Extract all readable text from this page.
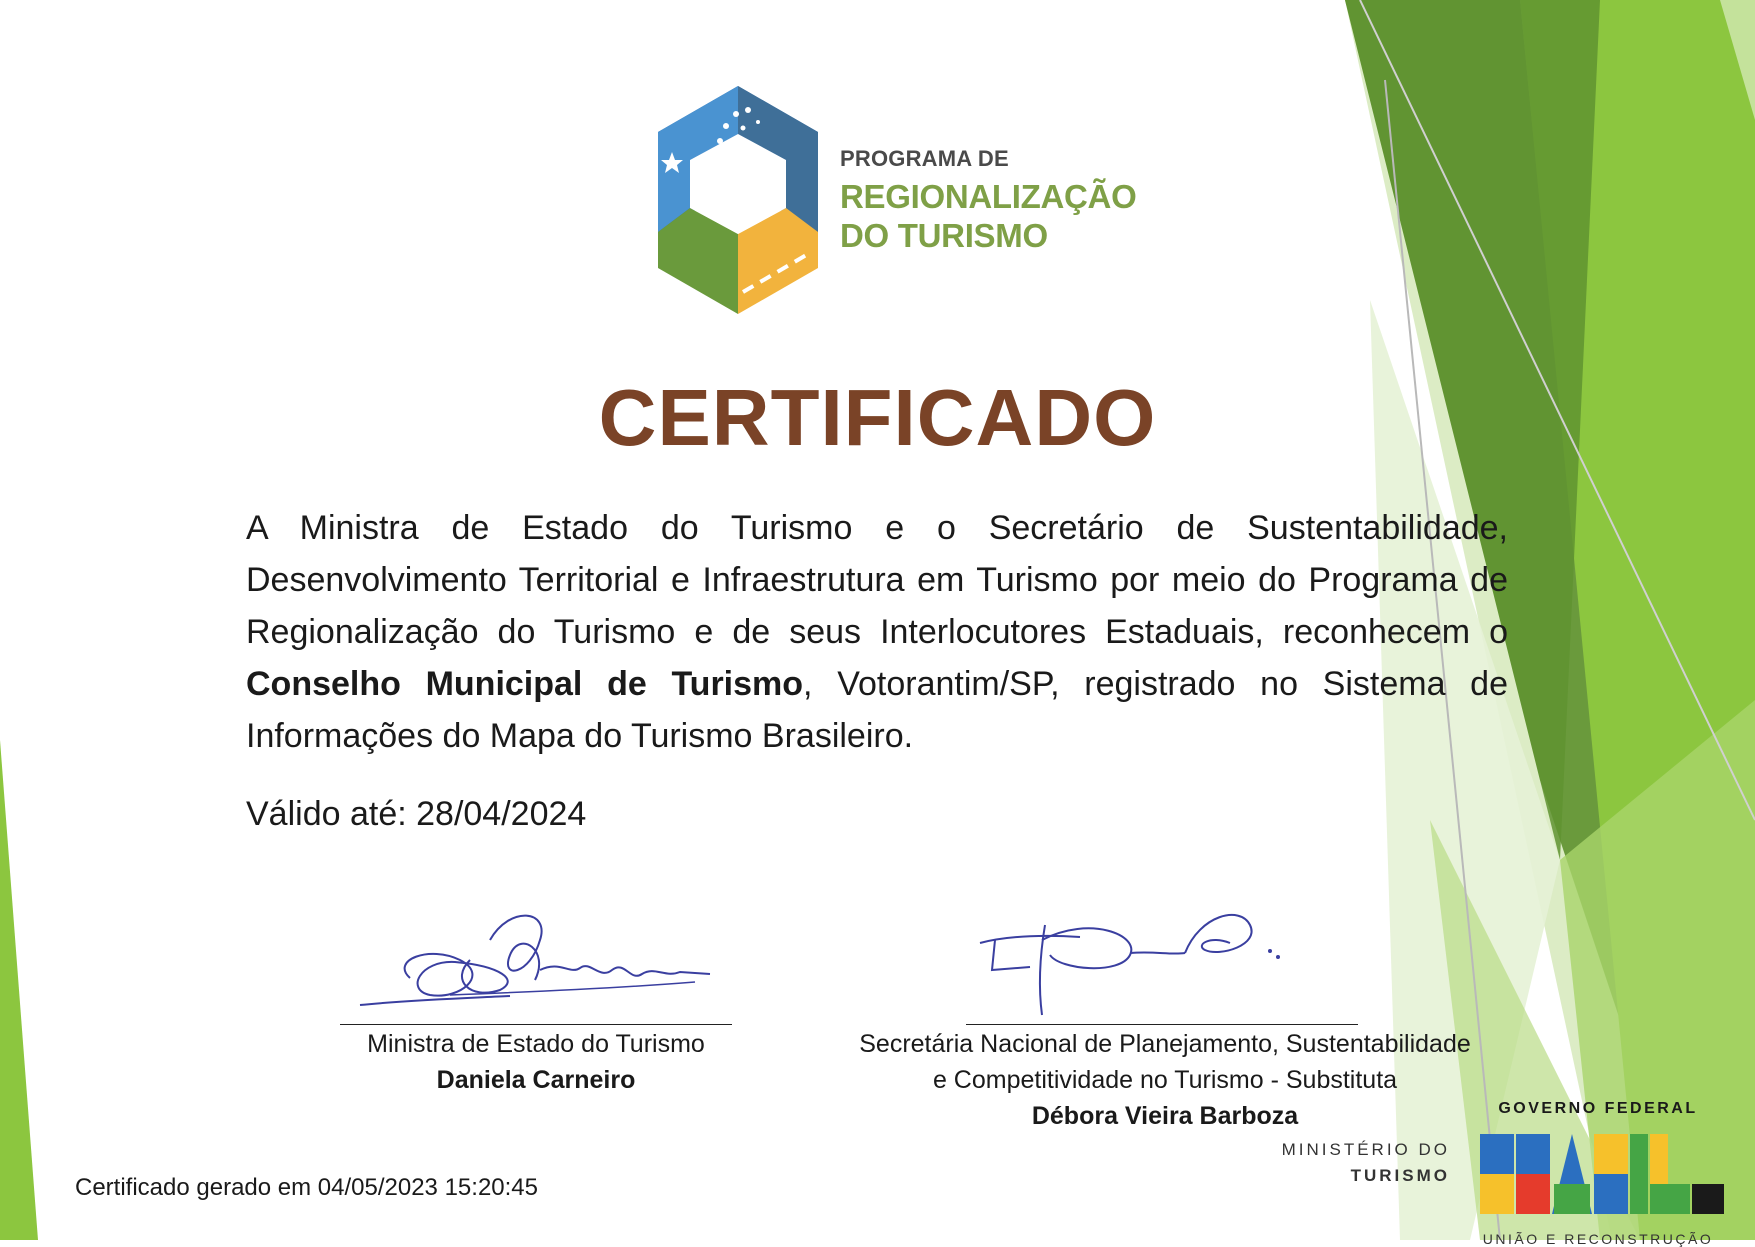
PROGRAMA DE
REGIONALIZAÇÃO
DO TURISMO
CERTIFICADO
A Ministra de Estado do Turismo e o Secretário de Sustentabilidade, Desenvolvimento Territorial e Infraestrutura em Turismo por meio do Programa de Regionalização do Turismo e de seus Interlocutores Estaduais, reconhecem o Conselho Municipal de Turismo, Votorantim/SP, registrado no Sistema de Informações do Mapa do Turismo Brasileiro.
Válido até: 28/04/2024
Ministra de Estado do Turismo
Daniela Carneiro
Secretária Nacional de Planejamento, Sustentabilidade
e Competitividade no Turismo - Substituta
Débora Vieira Barboza
Certificado gerado em 04/05/2023 15:20:45
MINISTÉRIO DO
TURISMO
GOVERNO FEDERAL
UNIÃO E RECONSTRUÇÃO
